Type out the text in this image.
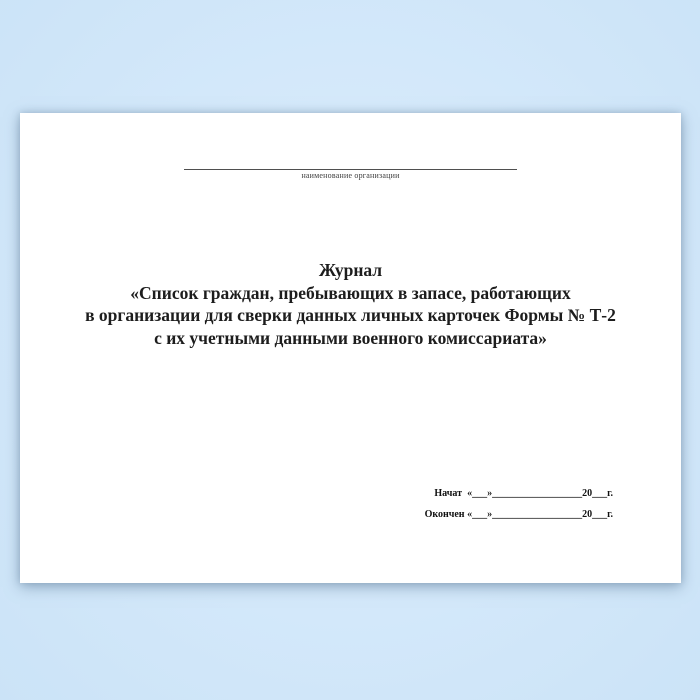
наименование организации
Журнал
«Список граждан, пребывающих в запасе, работающих
в организации для сверки данных личных карточек Формы № Т-2
с их учетными данными военного комиссариата»
Начат  «___»__________________20___г.
Окончен «___»__________________20___г.
